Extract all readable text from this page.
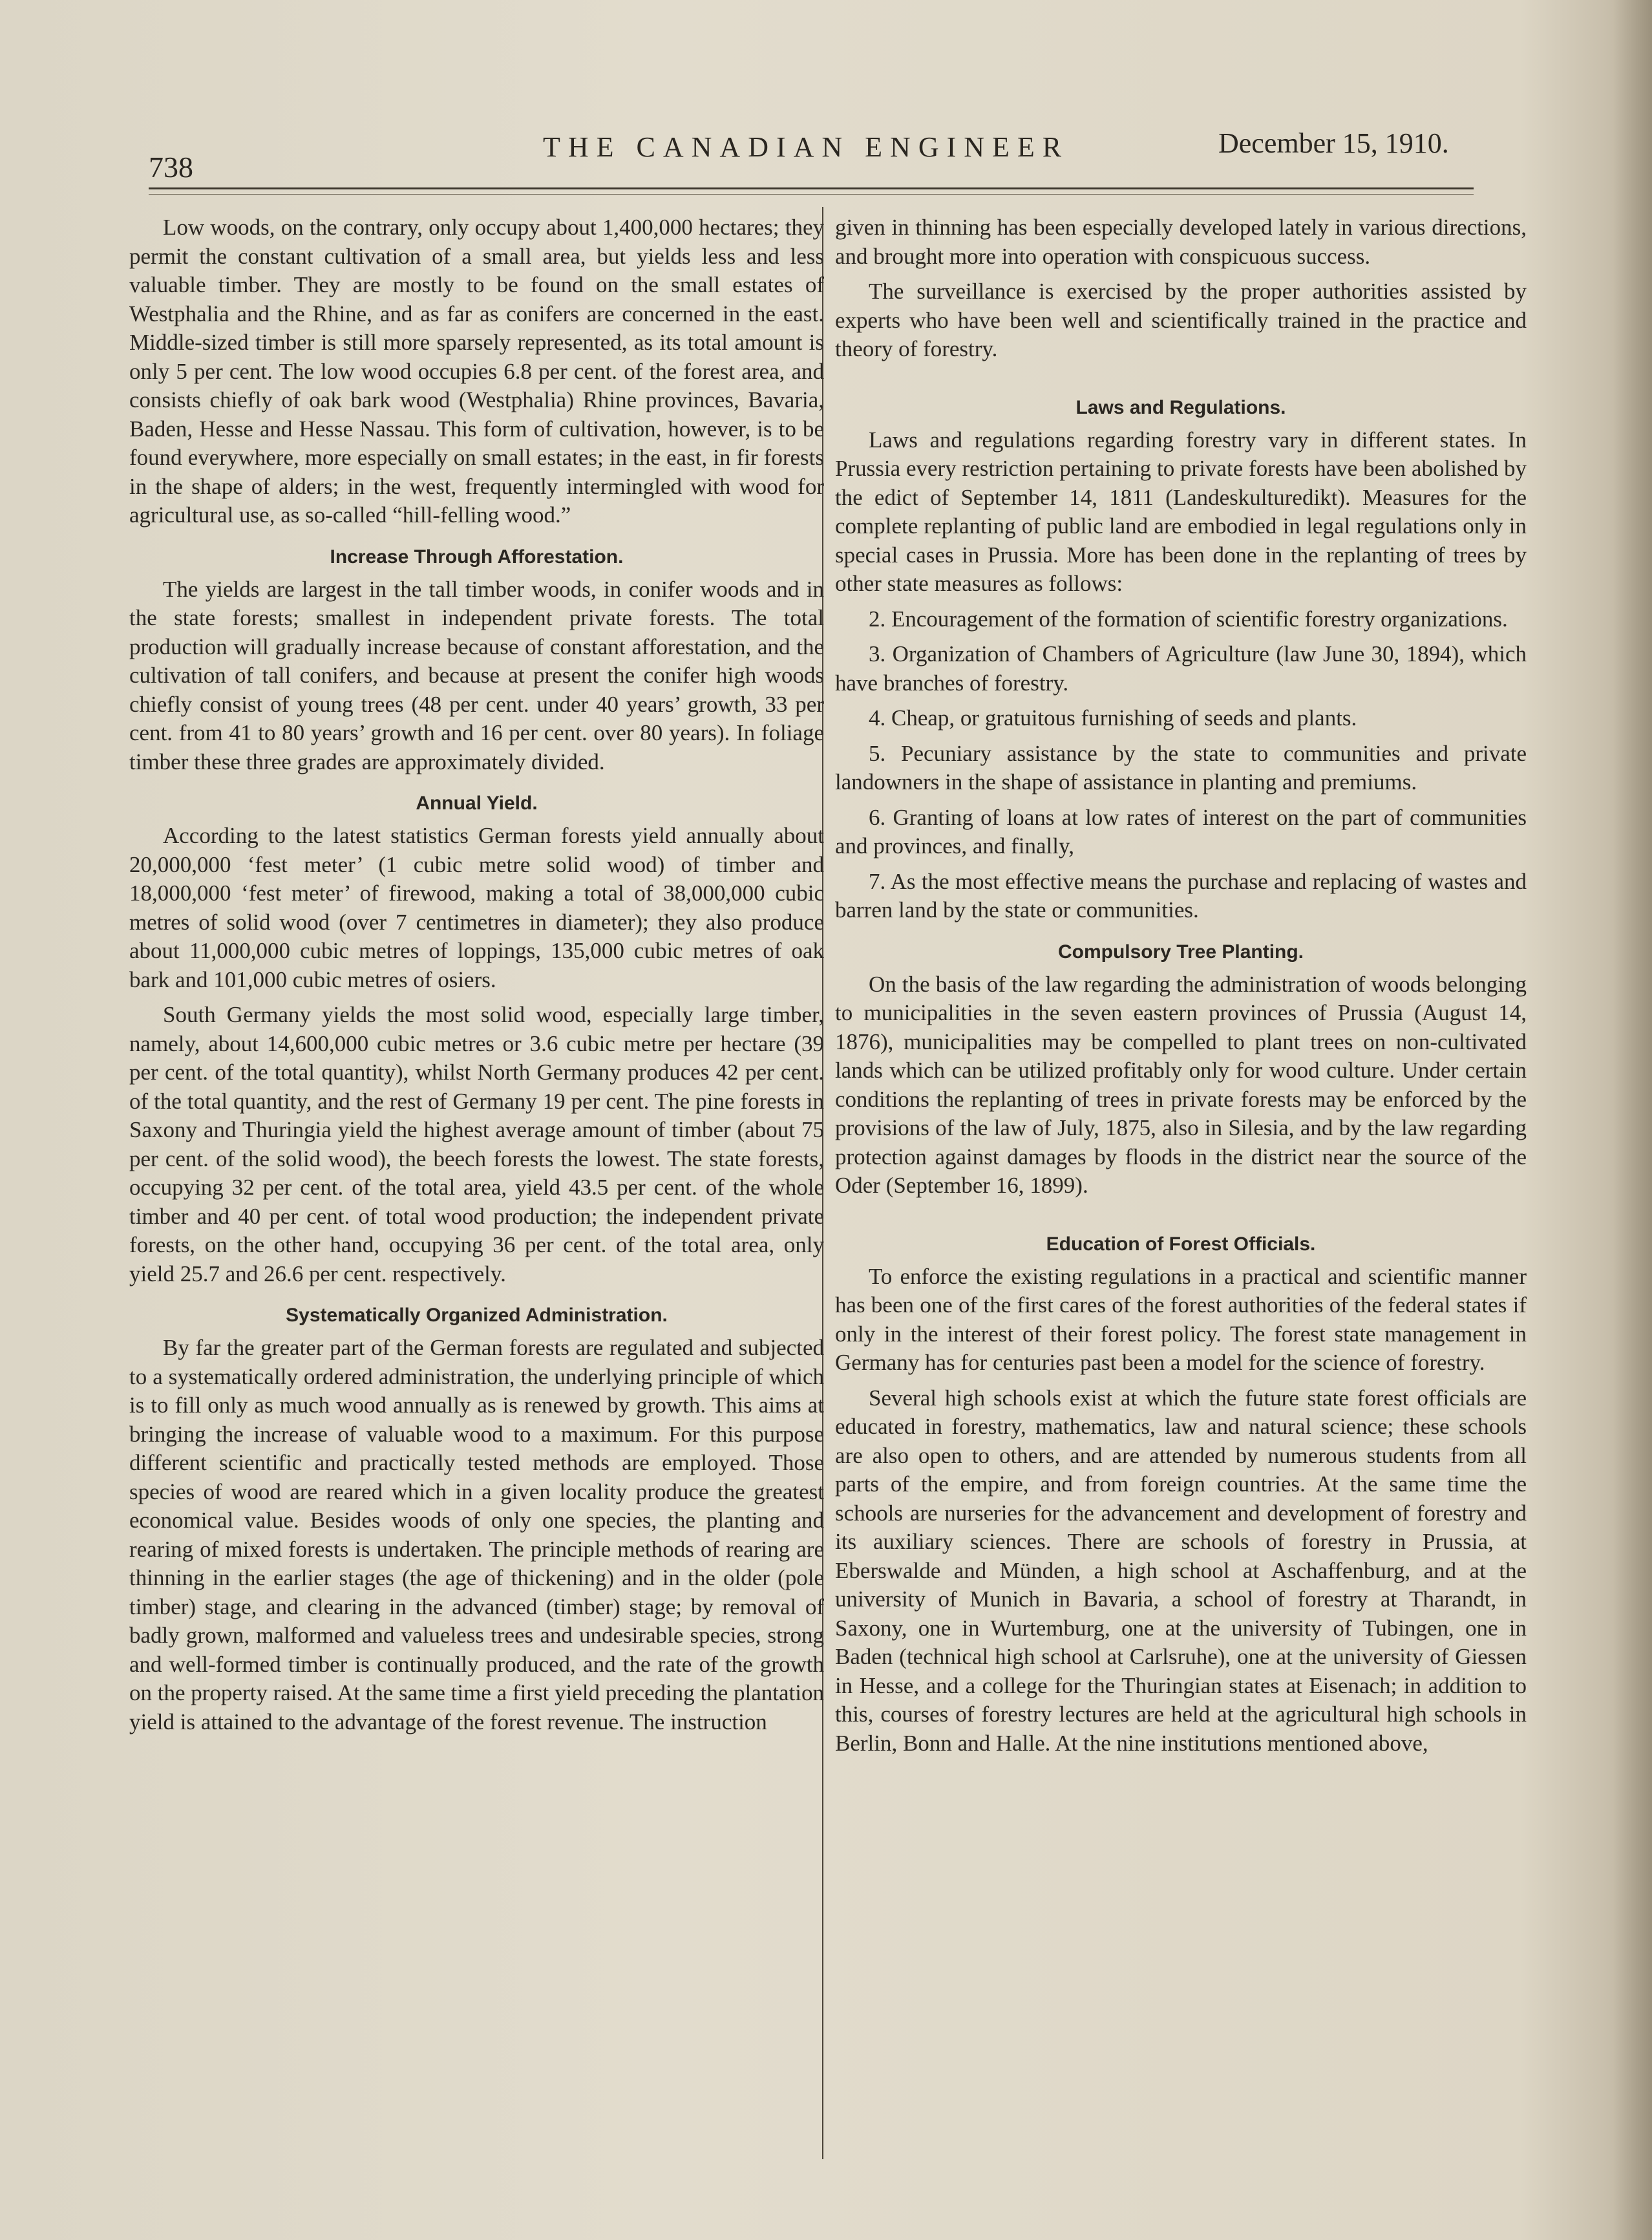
738
THE CANADIAN ENGINEER	December 15, 1910.

Low woods, on the contrary, only occupy about 1,400,000 hectares; they permit the constant cultivation of a small area, but yields less and less valuable timber. They are mostly to be found on the small estates of Westphalia and the Rhine, and as far as conifers are concerned in the east. Middle-sized timber is still more sparsely represented, as its total amount is only 5 per cent. The low wood occupies 6.8 per cent. of the forest area, and consists chiefly of oak bark wood (Westphalia) Rhine provinces, Bavaria, Baden, Hesse and Hesse Nassau. This form of cultivation, however, is to be found everywhere, more especially on small estates; in the east, in fir forests in the shape of alders; in the west, frequently intermingled with wood for agricultural use, as so-called “hill-felling wood.”

Increase Through Afforestation.

The yields are largest in the tall timber woods, in conifer woods and in the state forests; smallest in independent private forests. The total production will gradually increase because of constant afforestation, and the cultivation of tall conifers, and because at present the conifer high woods chiefly consist of young trees (48 per cent. under 40 years’ growth, 33 per cent. from 41 to 80 years’ growth and 16 per cent. over 80 years). In foliage timber these three grades are approximately divided.

Annual Yield.

According to the latest statistics German forests yield annually about 20,000,000 ‘fest meter’ (1 cubic metre solid wood) of timber and 18,000,000 ‘fest meter’ of firewood, making a total of 38,000,000 cubic metres of solid wood (over 7 centimetres in diameter); they also produce about 11,000,000 cubic metres of loppings, 135,000 cubic metres of oak bark and 101,000 cubic metres of osiers.

South Germany yields the most solid wood, especially large timber, namely, about 14,600,000 cubic metres or 3.6 cubic metre per hectare (39 per cent. of the total quantity), whilst North Germany produces 42 per cent. of the total quantity, and the rest of Germany 19 per cent. The pine forests in Saxony and Thuringia yield the highest average amount of timber (about 75 per cent. of the solid wood), the beech forests the lowest. The state forests, occupying 32 per cent. of the total area, yield 43.5 per cent. of the whole timber and 40 per cent. of total wood production; the independent private forests, on the other hand, occupying 36 per cent. of the total area, only yield 25.7 and 26.6 per cent. respectively.

Systematically Organized Administration.

By far the greater part of the German forests are regulated and subjected to a systematically ordered administration, the underlying principle of which is to fill only as much wood annually as is renewed by growth. This aims at bringing the increase of valuable wood to a maximum. For this purpose different scientific and practically tested methods are employed. Those species of wood are reared which in a given locality produce the greatest economical value. Besides woods of only one species, the planting and rearing of mixed forests is undertaken. The principle methods of rearing are thinning in the earlier stages (the age of thickening) and in the older (pole timber) stage, and clearing in the advanced (timber) stage; by removal of badly grown, malformed and valueless trees and undesirable species, strong and well-formed timber is continually produced, and the rate of the growth on the property raised. At the same time a first yield preceding the plantation yield is attained to the advantage of the forest revenue. The instruction

given in thinning has been especially developed lately in various directions, and brought more into operation with conspicuous success.

The surveillance is exercised by the proper authorities assisted by experts who have been well and scientifically trained in the practice and theory of forestry.

Laws and Regulations.

Laws and regulations regarding forestry vary in different states. In Prussia every restriction pertaining to private forests have been abolished by the edict of September 14, 1811 (Landeskulturedikt). Measures for the complete replanting of public land are embodied in legal regulations only in special cases in Prussia. More has been done in the replanting of trees by other state measures as follows:

2. Encouragement of the formation of scientific forestry organizations.

3. Organization of Chambers of Agriculture (law June 30, 1894), which have branches of forestry.

4. Cheap, or gratuitous furnishing of seeds and plants.

5. Pecuniary assistance by the state to communities and private landowners in the shape of assistance in planting and premiums.

6. Granting of loans at low rates of interest on the part of communities and provinces, and finally,

7. As the most effective means the purchase and replacing of wastes and barren land by the state or communities.

Compulsory Tree Planting.

On the basis of the law regarding the administration of woods belonging to municipalities in the seven eastern provinces of Prussia (August 14, 1876), municipalities may be compelled to plant trees on non-cultivated lands which can be utilized profitably only for wood culture. Under certain conditions the replanting of trees in private forests may be enforced by the provisions of the law of July, 1875, also in Silesia, and by the law regarding protection against damages by floods in the district near the source of the Oder (September 16, 1899).

Education of Forest Officials.

To enforce the existing regulations in a practical and scientific manner has been one of the first cares of the forest authorities of the federal states if only in the interest of their forest policy. The forest state management in Germany has for centuries past been a model for the science of forestry.

Several high schools exist at which the future state forest officials are educated in forestry, mathematics, law and natural science; these schools are also open to others, and are attended by numerous students from all parts of the empire, and from foreign countries. At the same time the schools are nurseries for the advancement and development of forestry and its auxiliary sciences. There are schools of forestry in Prussia, at Eberswalde and Münden, a high school at Aschaffenburg, and at the university of Munich in Bavaria, a school of forestry at Tharandt, in Saxony, one in Wurtemburg, one at the university of Tubingen, one in Baden (technical high school at Carlsruhe), one at the university of Giessen in Hesse, and a college for the Thuringian states at Eisenach; in addition to this, courses of forestry lectures are held at the agricultural high schools in Berlin, Bonn and Halle. At the nine institutions mentioned above,
